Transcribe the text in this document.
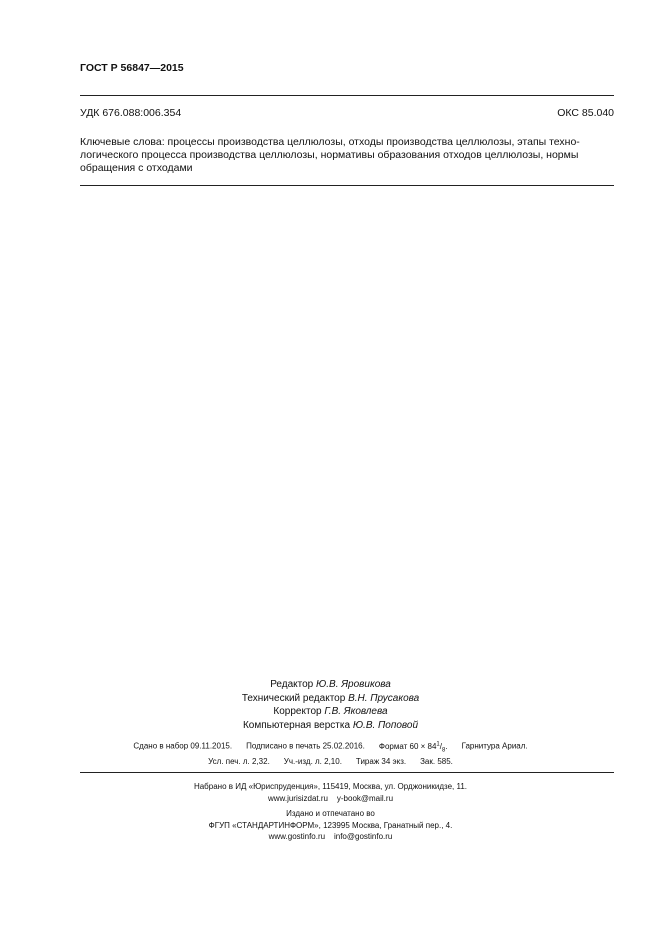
ГОСТ Р 56847—2015
УДК 676.088:006.354	ОКС 85.040
Ключевые слова: процессы производства целлюлозы, отходы производства целлюлозы, этапы техно-
логического процесса производства целлюлозы, нормативы образования отходов целлюлозы, нормы
обращения с отходами
Редактор Ю.В. Яровикова
Технический редактор В.Н. Прусакова
Корректор Г.В. Яковлева
Компьютерная верстка Ю.В. Поповой
Сдано в набор 09.11.2015. Подписано в печать 25.02.2016. Формат $60 \times 84^1/_8$. Гарнитура Ариал.
Усл. печ. л. 2,32. Уч.-изд. л. 2,10. Тираж 34 экз. Зак. 585.
Набрано в ИД «Юриспруденция», 115419, Москва, ул. Орджоникидзе, 11.
www.jurisizdat.ru    y-book@mail.ru
Издано и отпечатано во
ФГУП «СТАНДАРТИНФОРМ», 123995 Москва, Гранатный пер., 4.
www.gostinfo.ru    info@gostinfo.ru
